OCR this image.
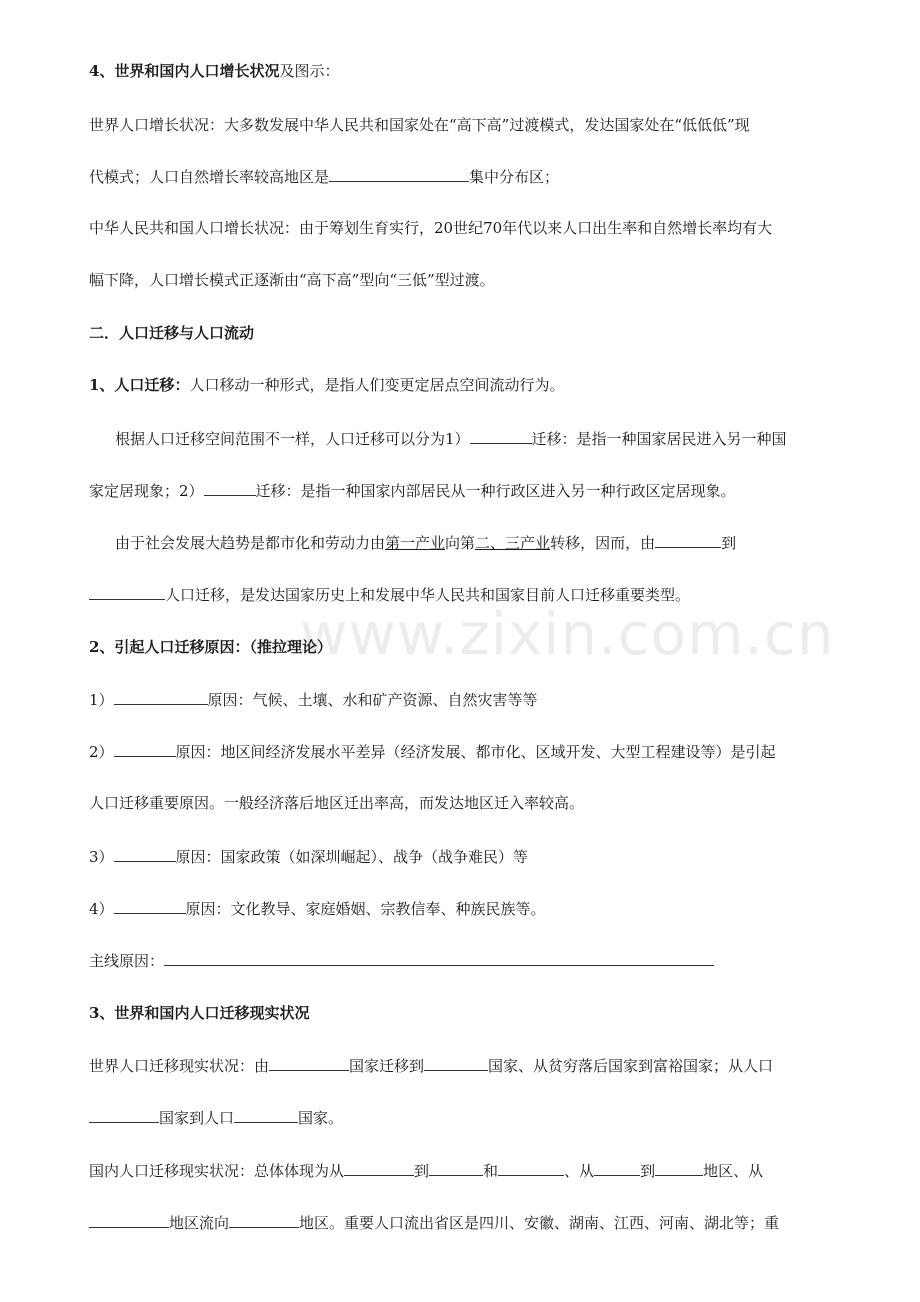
www.zixin.com.cn
4、世界和国内人口增长状况及图示：
世界人口增长状况：大多数发展中华人民共和国家处在“高下高”过渡模式，发达国家处在“低低低”现
代模式；人口自然增长率较高地区是	集中分布区；
中华人民共和国人口增长状况：由于筹划生育实行，20世纪70年代以来人口出生率和自然增长率均有大
幅下降，人口增长模式正逐渐由“高下高”型向“三低”型过渡。
二．人口迁移与人口流动
1、人口迁移：人口移动一种形式，是指人们变更定居点空间流动行为。
根据人口迁移空间范围不一样，人口迁移可以分为1）	迁移：是指一种国家居民进入另一种国
家定居现象；2）	迁移：是指一种国家内部居民从一种行政区进入另一种行政区定居现象。
由于社会发展大趋势是都市化和劳动力由第一产业向第二、三产业转移，因而，由	到
人口迁移，是发达国家历史上和发展中华人民共和国家目前人口迁移重要类型。
2、引起人口迁移原因：（推拉理论）
1）	原因：气候、土壤、水和矿产资源、自然灾害等等
2）	原因：地区间经济发展水平差异（经济发展、都市化、区域开发、大型工程建设等）是引起
人口迁移重要原因。一般经济落后地区迁出率高，而发达地区迁入率较高。
3）	原因：国家政策（如深圳崛起）、战争（战争难民）等
4）	原因：文化教导、家庭婚姻、宗教信奉、种族民族等。
主线原因：
3、世界和国内人口迁移现实状况
世界人口迁移现实状况：由	国家迁移到	国家、从贫穷落后国家到富裕国家；从人口
国家到人口	国家。
国内人口迁移现实状况：总体体现为从	到	和	、从	到	地区、从
地区流向	地区。重要人口流出省区是四川、安徽、湖南、江西、河南、湖北等；重
